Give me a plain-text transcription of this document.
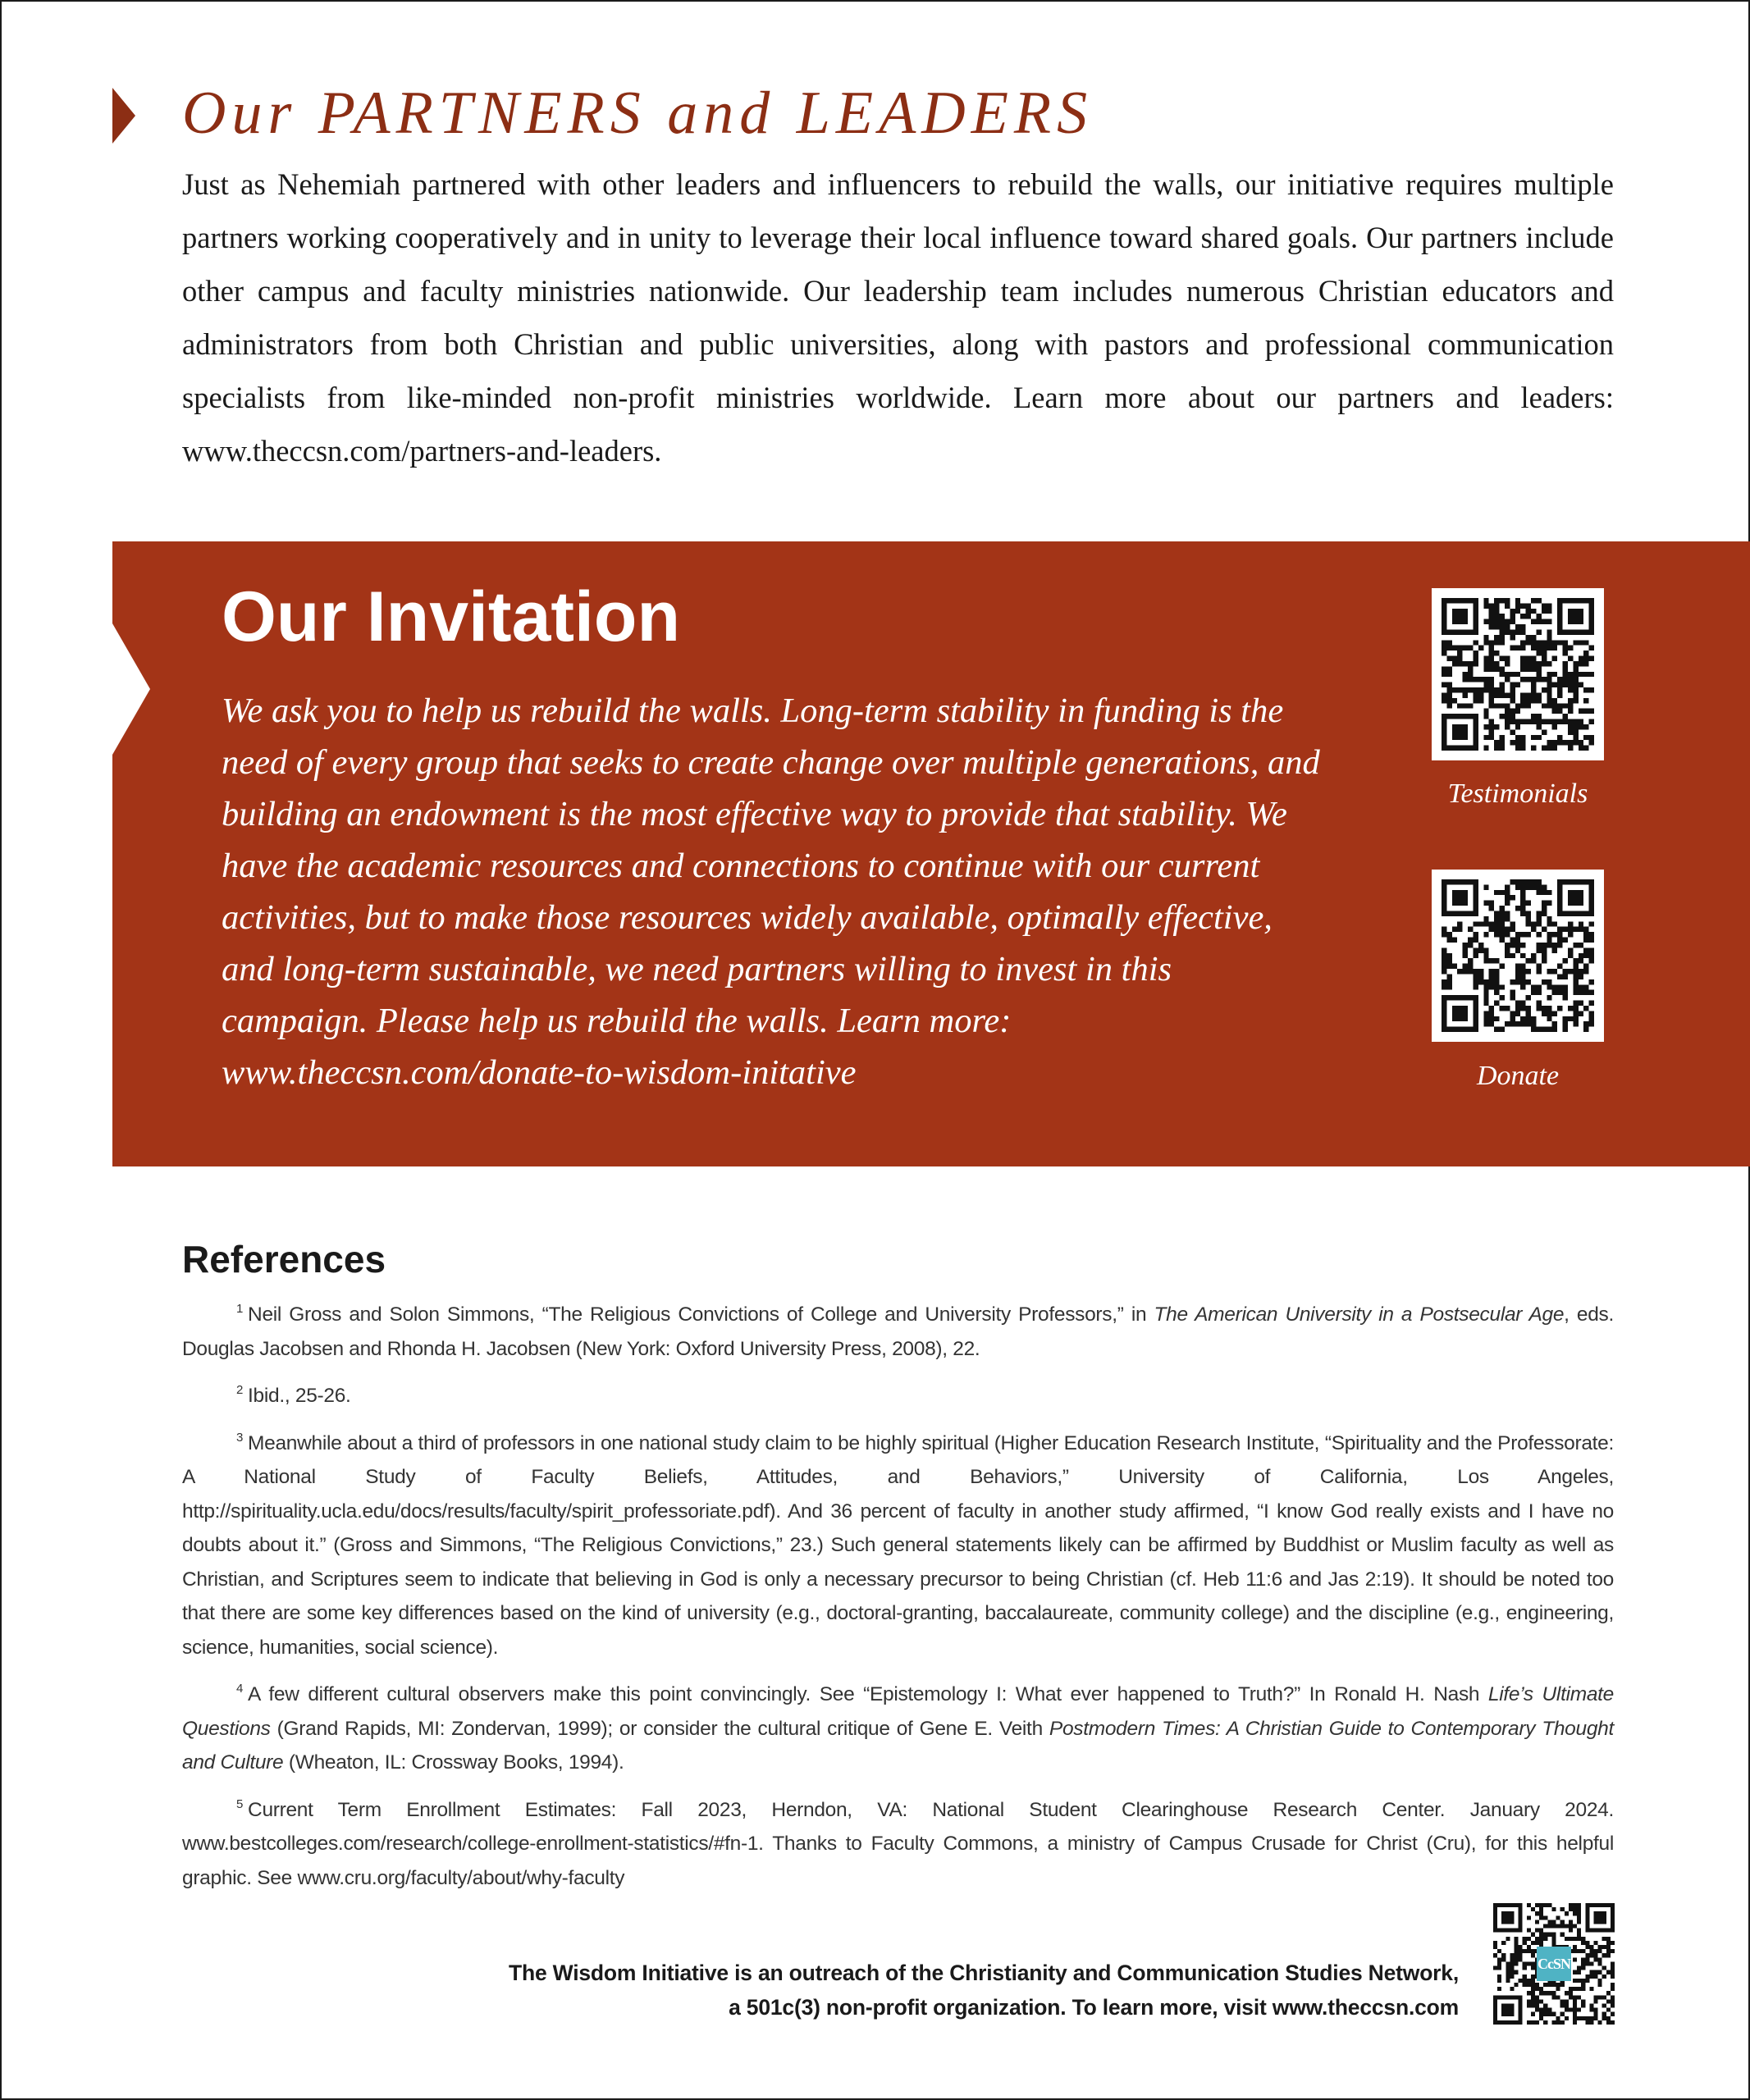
Our PARTNERS and LEADERS

Just as Nehemiah partnered with other leaders and influencers to rebuild the walls, our initiative requires multiple partners working cooperatively and in unity to leverage their local influence toward shared goals. Our partners include other campus and faculty ministries nationwide. Our leadership team includes numerous Christian educators and administrators from both Christian and public universities, along with pastors and professional communication specialists from like-minded non-profit ministries worldwide. Learn more about our partners and leaders: www.theccsn.com/partners-and-leaders.

Our Invitation

We ask you to help us rebuild the walls. Long-term stability in funding is the need of every group that seeks to create change over multiple generations, and building an endowment is the most effective way to provide that stability. We have the academic resources and connections to continue with our current activities, but to make those resources widely available, optimally effective, and long-term sustainable, we need partners willing to invest in this campaign. Please help us rebuild the walls. Learn more: www.theccsn.com/donate-to-wisdom-initative

Testimonials
Donate
References
$^1$ Neil Gross and Solon Simmons, “The Religious Convictions of College and University Professors,” in The American University in a Postsecular Age, eds. Douglas Jacobsen and Rhonda H. Jacobsen (New York: Oxford University Press, 2008), 22.
$^2$ Ibid., 25-26.
$^3$ Meanwhile about a third of professors in one national study claim to be highly spiritual (Higher Education Research Institute, “Spirituality and the Professorate: A National Study of Faculty Beliefs, Attitudes, and Behaviors,” University of California, Los Angeles, http://spirituality.ucla.edu/docs/results/faculty/spirit_professoriate.pdf). And 36 percent of faculty in another study affirmed, “I know God really exists and I have no doubts about it.” (Gross and Simmons, “The Religious Convictions,” 23.) Such general statements likely can be affirmed by Buddhist or Muslim faculty as well as Christian, and Scriptures seem to indicate that believing in God is only a necessary precursor to being Christian (cf. Heb 11:6 and Jas 2:19). It should be noted too that there are some key differences based on the kind of university (e.g., doctoral-granting, baccalaureate, community college) and the discipline (e.g., engineering, science, humanities, social science).
$^4$ A few different cultural observers make this point convincingly. See “Epistemology I: What ever happened to Truth?” In Ronald H. Nash Life’s Ultimate Questions (Grand Rapids, MI: Zondervan, 1999); or consider the cultural critique of Gene E. Veith Postmodern Times: A Christian Guide to Contemporary Thought and Culture (Wheaton, IL: Crossway Books, 1994).
$^5$ Current Term Enrollment Estimates: Fall 2023, Herndon, VA: National Student Clearinghouse Research Center. January 2024. www.bestcolleges.com/research/college-enrollment-statistics/#fn-1. Thanks to Faculty Commons, a ministry of Campus Crusade for Christ (Cru), for this helpful graphic. See www.cru.org/faculty/about/why-faculty

The Wisdom Initiative is an outreach of the Christianity and Communication Studies Network,
a 501c(3) non-profit organization. To learn more, visit www.theccsn.com

CcSN
